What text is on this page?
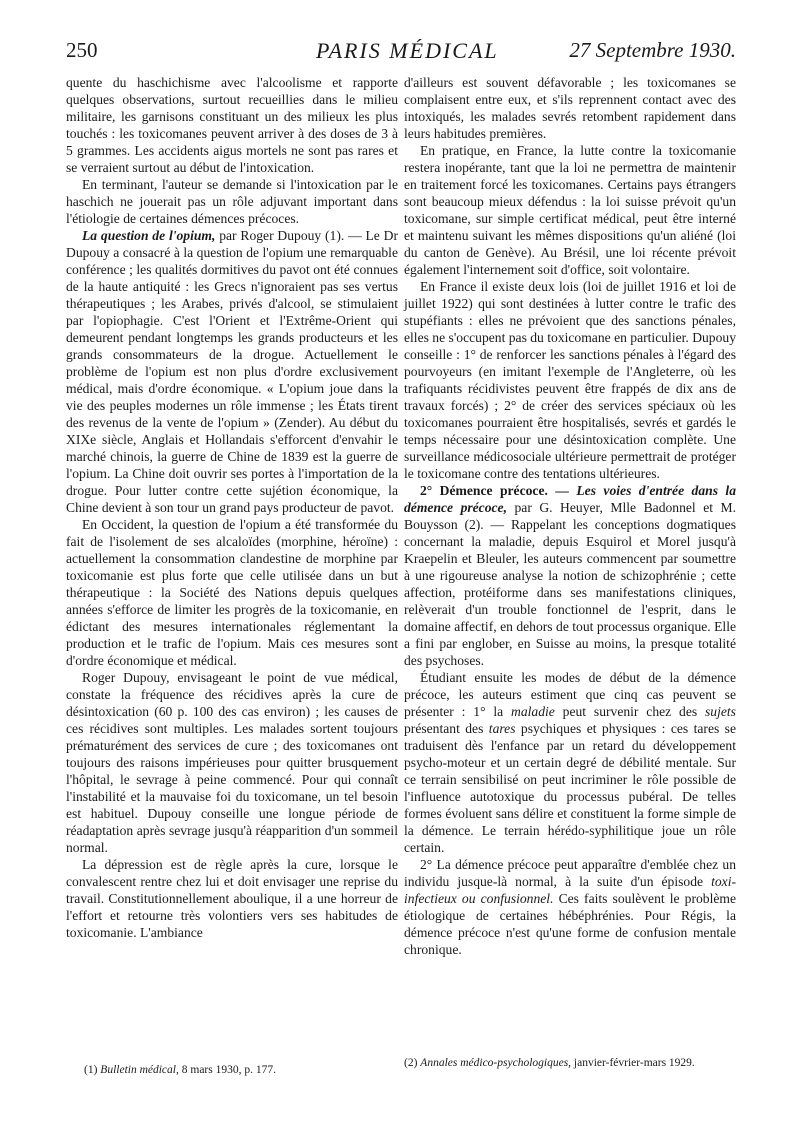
250	PARIS MÉDICAL	27 Septembre 1930.

quente du haschichisme avec l'alcoolisme et rapporte quelques observations, surtout recueillies dans le milieu militaire, les garnisons constituant un des milieux les plus touchés : les toxicomanes peuvent arriver à des doses de 3 à 5 grammes. Les accidents aigus mortels ne sont pas rares et se verraient surtout au début de l'intoxication.

En terminant, l'auteur se demande si l'intoxication par le haschich ne jouerait pas un rôle adjuvant important dans l'étiologie de certaines démences précoces.

La question de l'opium, par Roger Dupouy (1). — Le Dr Dupouy a consacré à la question de l'opium une remarquable conférence ; les qualités dormitives du pavot ont été connues de la haute antiquité : les Grecs n'ignoraient pas ses vertus thérapeutiques ; les Arabes, privés d'alcool, se stimulaient par l'opiophagie. C'est l'Orient et l'Extrême-Orient qui demeurent pendant longtemps les grands producteurs et les grands consommateurs de la drogue. Actuellement le problème de l'opium est non plus d'ordre exclusivement médical, mais d'ordre économique. « L'opium joue dans la vie des peuples modernes un rôle immense ; les États tirent des revenus de la vente de l'opium » (Zender). Au début du XIXe siècle, Anglais et Hollandais s'efforcent d'envahir le marché chinois, la guerre de Chine de 1839 est la guerre de l'opium. La Chine doit ouvrir ses portes à l'importation de la drogue. Pour lutter contre cette sujétion économique, la Chine devient à son tour un grand pays producteur de pavot.

En Occident, la question de l'opium a été transformée du fait de l'isolement de ses alcaloïdes (morphine, héroïne) : actuellement la consommation clandestine de morphine par toxicomanie est plus forte que celle utilisée dans un but thérapeutique : la Société des Nations depuis quelques années s'efforce de limiter les progrès de la toxicomanie, en édictant des mesures internationales réglementant la production et le trafic de l'opium. Mais ces mesures sont d'ordre économique et médical.

Roger Dupouy, envisageant le point de vue médical, constate la fréquence des récidives après la cure de désintoxication (60 p. 100 des cas environ) ; les causes de ces récidives sont multiples. Les malades sortent toujours prématurément des services de cure ; des toxicomanes ont toujours des raisons impérieuses pour quitter brusquement l'hôpital, le sevrage à peine commencé. Pour qui connaît l'instabilité et la mauvaise foi du toxicomane, un tel besoin est habituel. Dupouy conseille une longue période de réadaptation après sevrage jusqu'à réapparition d'un sommeil normal.

La dépression est de règle après la cure, lorsque le convalescent rentre chez lui et doit envisager une reprise du travail. Constitutionnellement aboulique, il a une horreur de l'effort et retourne très volontiers vers ses habitudes de toxicomanie. L'ambiance

d'ailleurs est souvent défavorable ; les toxicomanes se complaisent entre eux, et s'ils reprennent contact avec des intoxiqués, les malades sevrés retombent rapidement dans leurs habitudes premières.

En pratique, en France, la lutte contre la toxicomanie restera inopérante, tant que la loi ne permettra de maintenir en traitement forcé les toxicomanes. Certains pays étrangers sont beaucoup mieux défendus : la loi suisse prévoit qu'un toxicomane, sur simple certificat médical, peut être interné et maintenu suivant les mêmes dispositions qu'un aliéné (loi du canton de Genève). Au Brésil, une loi récente prévoit également l'internement soit d'office, soit volontaire.

En France il existe deux lois (loi de juillet 1916 et loi de juillet 1922) qui sont destinées à lutter contre le trafic des stupéfiants : elles ne prévoient que des sanctions pénales, elles ne s'occupent pas du toxicomane en particulier. Dupouy conseille : 1° de renforcer les sanctions pénales à l'égard des pourvoyeurs (en imitant l'exemple de l'Angleterre, où les trafiquants récidivistes peuvent être frappés de dix ans de travaux forcés) ; 2° de créer des services spéciaux où les toxicomanes pourraient être hospitalisés, sevrés et gardés le temps nécessaire pour une désintoxication complète. Une surveillance médicosociale ultérieure permettrait de protéger le toxicomane contre des tentations ultérieures.

2° Démence précoce. — Les voies d'entrée dans la démence précoce, par G. Heuyer, Mlle Badonnel et M. Bouysson (2). — Rappelant les conceptions dogmatiques concernant la maladie, depuis Esquirol et Morel jusqu'à Kraepelin et Bleuler, les auteurs commencent par soumettre à une rigoureuse analyse la notion de schizophrénie ; cette affection, protéiforme dans ses manifestations cliniques, relèverait d'un trouble fonctionnel de l'esprit, dans le domaine affectif, en dehors de tout processus organique. Elle a fini par englober, en Suisse au moins, la presque totalité des psychoses.

Étudiant ensuite les modes de début de la démence précoce, les auteurs estiment que cinq cas peuvent se présenter : 1° la maladie peut survenir chez des sujets présentant des tares psychiques et physiques : ces tares se traduisent dès l'enfance par un retard du développement psycho-moteur et un certain degré de débilité mentale. Sur ce terrain sensibilisé on peut incriminer le rôle possible de l'influence autotoxique du processus pubéral. De telles formes évoluent sans délire et constituent la forme simple de la démence. Le terrain hérédo-syphilitique joue un rôle certain.

2° La démence précoce peut apparaître d'emblée chez un individu jusque-là normal, à la suite d'un épisode toxi-infectieux ou confusionnel. Ces faits soulèvent le problème étiologique de certaines hébéphrénies. Pour Régis, la démence précoce n'est qu'une forme de confusion mentale chronique.

(1) Bulletin médical, 8 mars 1930, p. 177.
(2) Annales médico-psychologiques, janvier-février-mars 1929.
